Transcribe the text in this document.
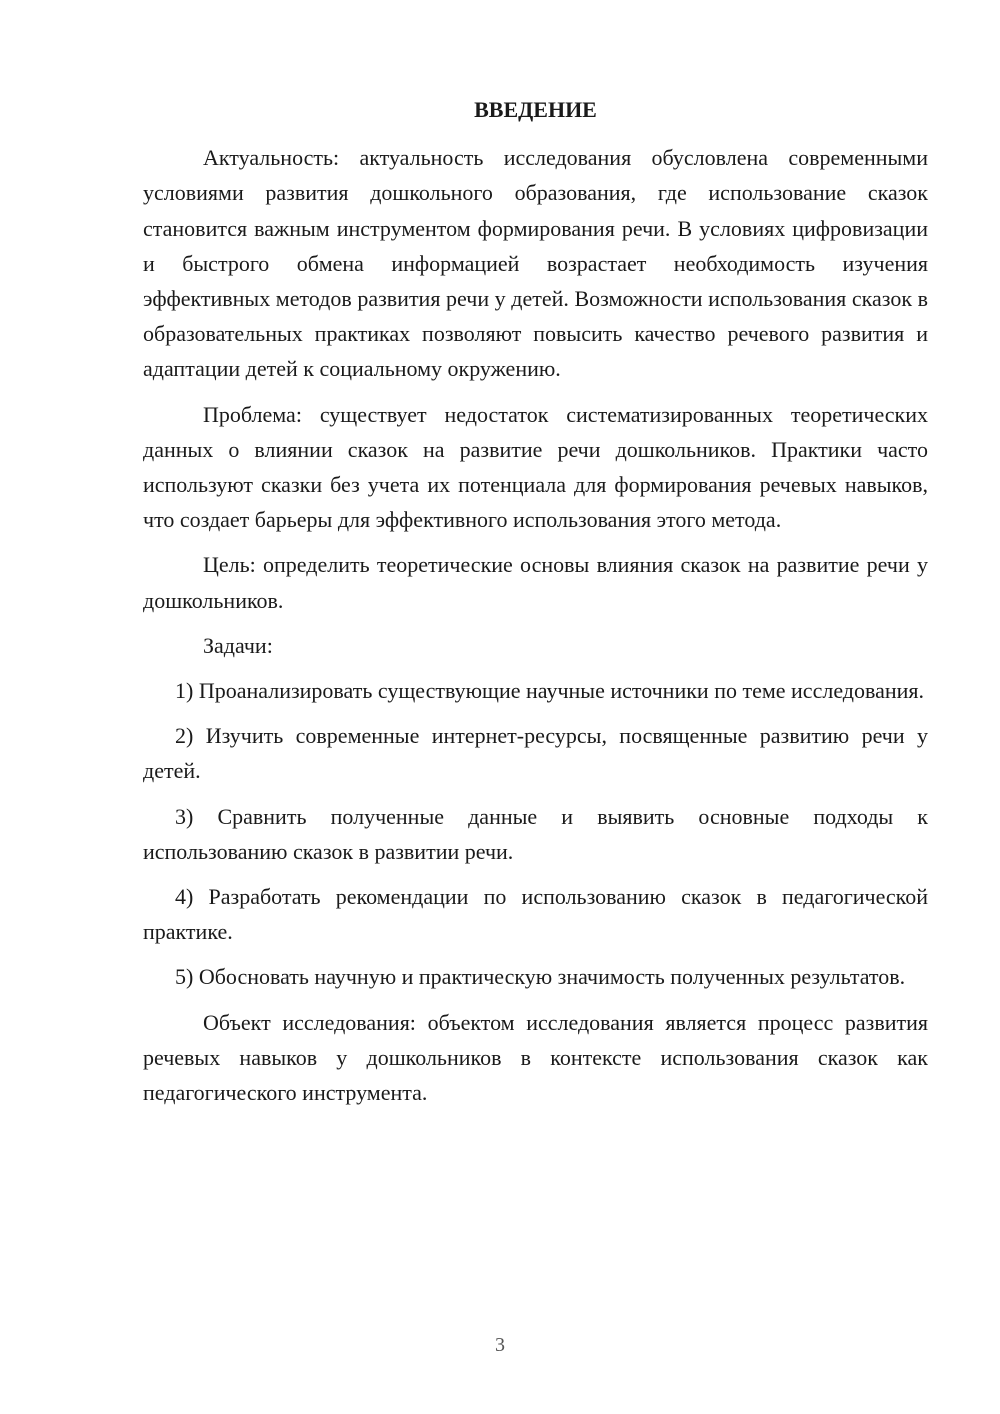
ВВЕДЕНИЕ

Актуальность: актуальность исследования обусловлена современными условиями развития дошкольного образования, где использование сказок становится важным инструментом формирования речи. В условиях цифровизации и быстрого обмена информацией возрастает необходимость изучения эффективных методов развития речи у детей. Возможности использования сказок в образовательных практиках позволяют повысить качество речевого развития и адаптации детей к социальному окружению.

Проблема: существует недостаток систематизированных теоретических данных о влиянии сказок на развитие речи дошкольников. Практики часто используют сказки без учета их потенциала для формирования речевых навыков, что создает барьеры для эффективного использования этого метода.

Цель: определить теоретические основы влияния сказок на развитие речи у дошкольников.

Задачи:

1) Проанализировать существующие научные источники по теме исследования.

2) Изучить современные интернет-ресурсы, посвященные развитию речи у детей.

3) Сравнить полученные данные и выявить основные подходы к использованию сказок в развитии речи.

4) Разработать рекомендации по использованию сказок в педагогической практике.

5) Обосновать научную и практическую значимость полученных результатов.

Объект исследования: объектом исследования является процесс развития речевых навыков у дошкольников в контексте использования сказок как педагогического инструмента.

3
